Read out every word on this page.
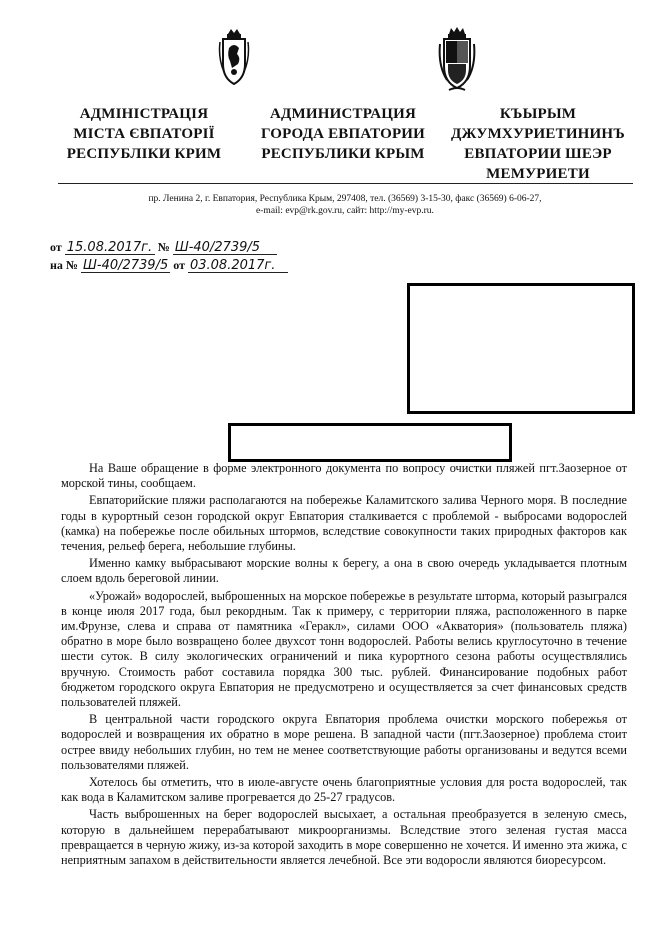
АДМІНІСТРАЦІЯ
МІСТА ЄВПАТОРІЇ
РЕСПУБЛІКИ КРИМ
АДМИНИСТРАЦИЯ
ГОРОДА ЕВПАТОРИИ
РЕСПУБЛИКИ КРЫМ
КЪЫРЫМ
ДЖУМХУРИЕТИНИНЪ
ЕВПАТОРИИ ШЕЭР
МЕМУРИЕТИ
пр. Ленина 2, г. Евпатория, Республика Крым, 297408, тел. (36569) 3-15-30, факс (36569) 6-06-27,
e-mail: evp@rk.gov.ru, сайт: http://my-evp.ru.
от 15.08.2017г. № Ш-40/2739/5
на № Ш-40/2739/5 от 03.08.2017г.

На Ваше обращение в форме электронного документа по вопросу очистки пляжей пгт.Заозерное от морской тины, сообщаем.

Евпаторийские пляжи располагаются на побережье Каламитского залива Черного моря. В последние годы в курортный сезон городской округ Евпатория сталкивается с проблемой - выбросами водорослей (камка) на побережье после обильных штормов, вследствие совокупности таких природных факторов как течения, рельеф берега, небольшие глубины.

Именно камку выбрасывают морские волны к берегу, а она в свою очередь укладывается плотным слоем вдоль береговой линии.

«Урожай» водорослей, выброшенных на морское побережье в результате шторма, который разыгрался в конце июля 2017 года, был рекордным. Так к примеру, с территории пляжа, расположенного в парке им.Фрунзе, слева и справа от памятника «Геракл», силами ООО «Акватория» (пользователь пляжа) обратно в море было возвращено более двухсот тонн водорослей. Работы велись круглосуточно в течение шести суток. В силу экологических ограничений и пика курортного сезона работы осуществлялись вручную. Стоимость работ составила порядка 300 тыс. рублей. Финансирование подобных работ бюджетом городского округа Евпатория не предусмотрено и осуществляется за счет финансовых средств пользователей пляжей.

В центральной части городского округа Евпатория проблема очистки морского побережья от водорослей и возвращения их обратно в море решена. В западной части (пгт.Заозерное) проблема стоит острее ввиду небольших глубин, но тем не менее соответствующие работы организованы и ведутся всеми пользователями пляжей.

Хотелось бы отметить, что в июле-августе очень благоприятные условия для роста водорослей, так как вода в Каламитском заливе прогревается до 25-27 градусов.

Часть выброшенных на берег водорослей высыхает, а остальная преобразуется в зеленую смесь, которую в дальнейшем перерабатывают микроорганизмы. Вследствие этого зеленая густая масса превращается в черную жижу, из-за которой заходить в море совершенно не хочется. И именно эта жижа, с неприятным запахом в действительности является лечебной. Все эти водоросли являются биоресурсом.
